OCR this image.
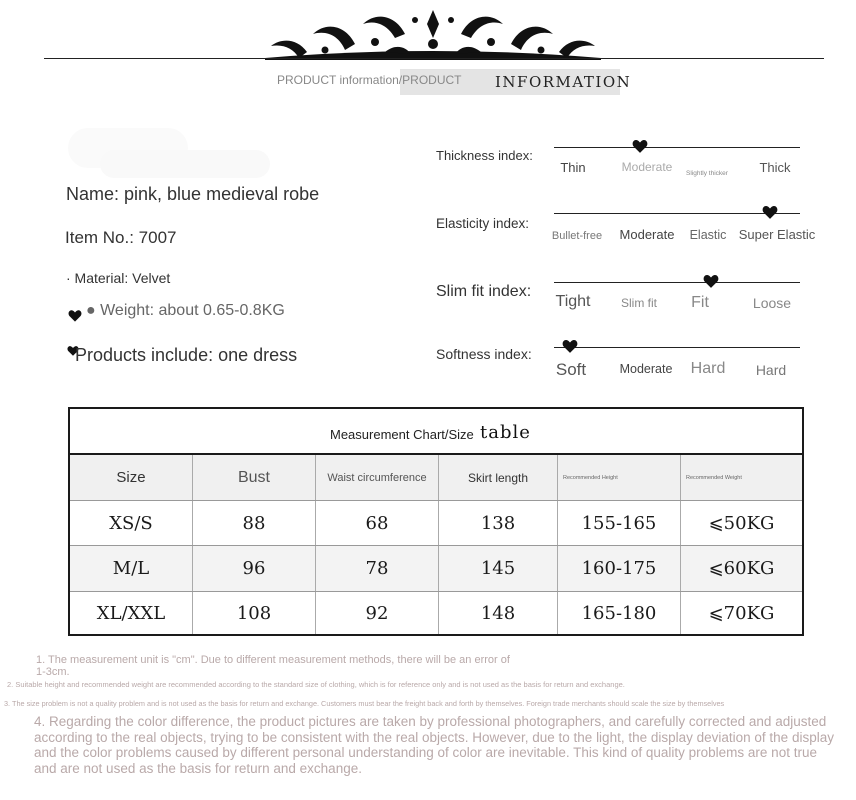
PRODUCT information/PRODUCT INFORMATION
Name: pink, blue medieval robe
Item No.: 7007
· Material: Velvet
● Weight: about 0.65-0.8KG
Products include: one dress
Thickness index:
Thin	Moderate Slightly thicker Thick
Elasticity index:
Bullet-free Moderate Elastic Super Elastic
Slim fit index:
Tight	Slim fit Fit	Loose
Softness index:
Soft	Moderate Hard Hard
Measurement Chart/Size table
Size	Bust	Waist circumference	Skirt length	Recommended Height	Recommended Weight
XS/S	88	68	138	155-165	⩽50KG
M/L	96	78	145	160-175	⩽60KG
XL/XXL	108	92	148	165-180	⩽70KG
1. The measurement unit is "cm". Due to different measurement methods, there will be an error of 1-3cm.
2. Suitable height and recommended weight are recommended according to the standard size of clothing, which is for reference only and is not used as the basis for return and exchange.
3. The size problem is not a quality problem and is not used as the basis for return and exchange. Customers must bear the freight back and forth by themselves. Foreign trade merchants should scale the size by themselves
4. Regarding the color difference, the product pictures are taken by professional photographers, and carefully corrected and adjusted according to the real objects, trying to be consistent with the real objects. However, due to the light, the display deviation of the display and the color problems caused by different personal understanding of color are inevitable. This kind of quality problems are not true and are not used as the basis for return and exchange.
